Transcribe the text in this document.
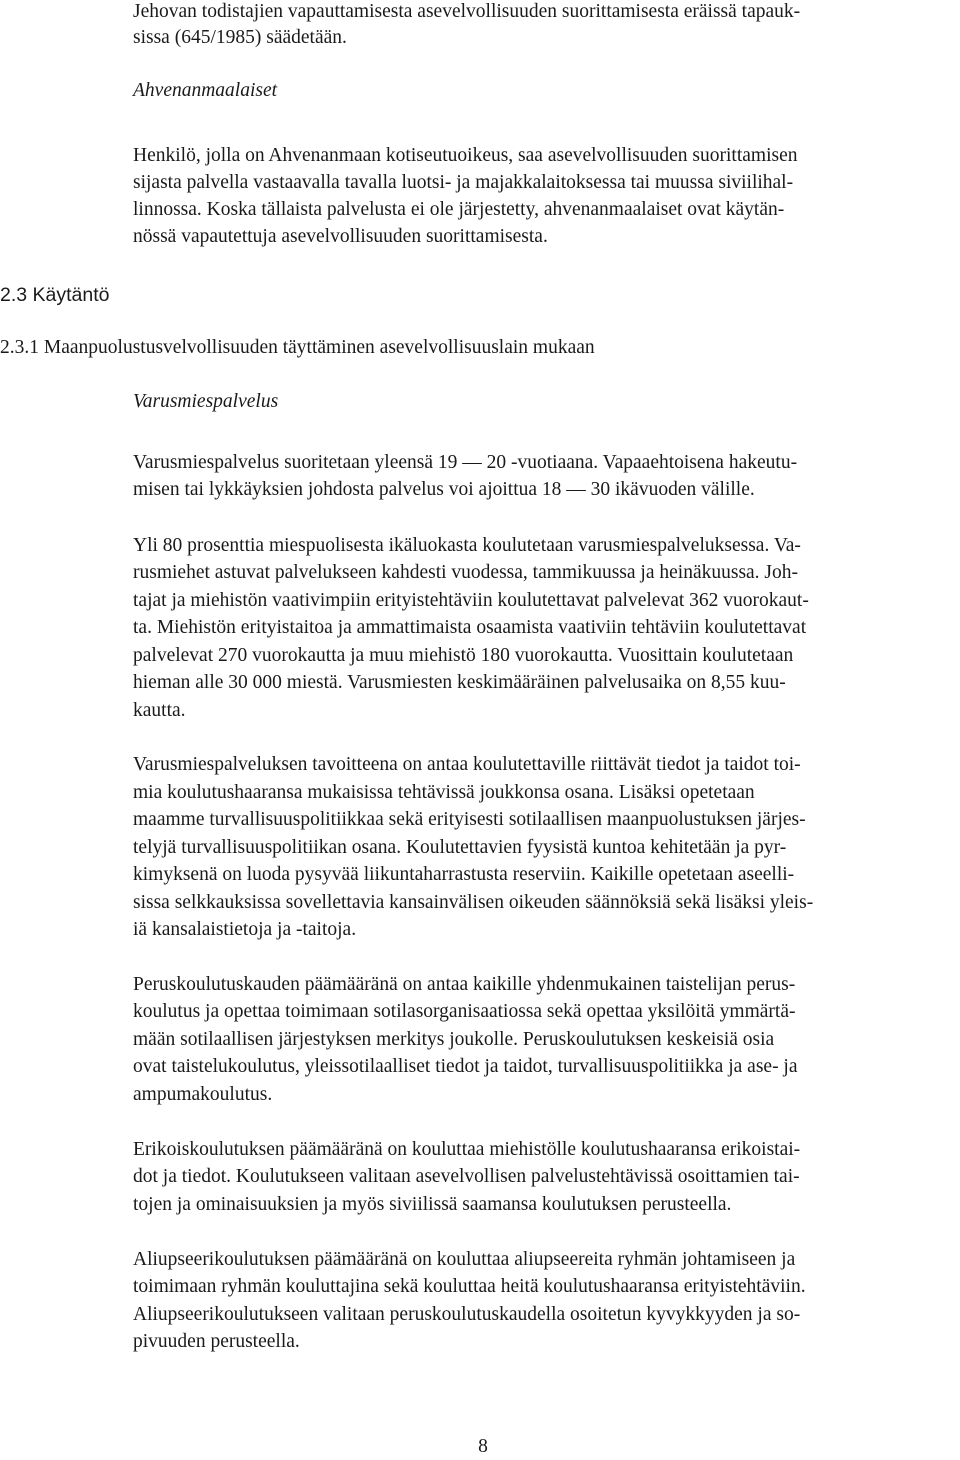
Jehovan todistajien vapauttamisesta asevelvollisuuden suorittamisesta eräissä tapauk-
sissa (645/1985) säädetään.
Ahvenanmaalaiset
Henkilö, jolla on Ahvenanmaan kotiseutuoikeus, saa asevelvollisuuden suorittamisen
sijasta palvella vastaavalla tavalla luotsi- ja majakkalaitoksessa tai muussa siviilihal-
linnossa. Koska tällaista palvelusta ei ole järjestetty, ahvenanmaalaiset ovat käytän-
nössä vapautettuja asevelvollisuuden suorittamisesta.
2.3 Käytäntö
2.3.1 Maanpuolustusvelvollisuuden täyttäminen asevelvollisuuslain mukaan
Varusmiespalvelus
Varusmiespalvelus suoritetaan yleensä 19 — 20 -vuotiaana. Vapaaehtoisena hakeutu-
misen tai lykkäyksien johdosta palvelus voi ajoittua 18 — 30 ikävuoden välille.
Yli 80 prosenttia miespuolisesta ikäluokasta koulutetaan varusmiespalveluksessa. Va-
rusmiehet astuvat palvelukseen kahdesti vuodessa, tammikuussa ja heinäkuussa. Joh-
tajat ja miehistön vaativimpiin erityistehtäviin koulutettavat palvelevat 362 vuorokaut-
ta. Miehistön erityistaitoa ja ammattimaista osaamista vaativiin tehtäviin koulutettavat
palvelevat 270 vuorokautta ja muu miehistö 180 vuorokautta. Vuosittain koulutetaan
hieman alle 30 000 miestä. Varusmiesten keskimääräinen palvelusaika on 8,55 kuu-
kautta.
Varusmiespalveluksen tavoitteena on antaa koulutettaville riittävät tiedot ja taidot toi-
mia koulutushaaransa mukaisissa tehtävissä joukkonsa osana. Lisäksi opetetaan
maamme turvallisuuspolitiikkaa sekä erityisesti sotilaallisen maanpuolustuksen järjes-
telyjä turvallisuuspolitiikan osana. Koulutettavien fyysistä kuntoa kehitetään ja pyr-
kimyksenä on luoda pysyvää liikuntaharrastusta reserviin. Kaikille opetetaan aseelli-
sissa selkkauksissa sovellettavia kansainvälisen oikeuden säännöksiä sekä lisäksi yleis-
iä kansalaistietoja ja -taitoja.
Peruskoulutuskauden päämääränä on antaa kaikille yhdenmukainen taistelijan perus-
koulutus ja opettaa toimimaan sotilasorganisaatiossa sekä opettaa yksilöitä ymmärtä-
mään sotilaallisen järjestyksen merkitys joukolle. Peruskoulutuksen keskeisiä osia
ovat taistelukoulutus, yleissotilaalliset tiedot ja taidot, turvallisuuspolitiikka ja ase- ja
ampumakoulutus.
Erikoiskoulutuksen päämääränä on kouluttaa miehistölle koulutushaaransa erikoistai-
dot ja tiedot. Koulutukseen valitaan asevelvollisen palvelustehtävissä osoittamien tai-
tojen ja ominaisuuksien ja myös siviilissä saamansa koulutuksen perusteella.
Aliupseerikoulutuksen päämääränä on kouluttaa aliupseereita ryhmän johtamiseen ja
toimimaan ryhmän kouluttajina sekä kouluttaa heitä koulutushaaransa erityistehtäviin.
Aliupseerikoulutukseen valitaan peruskoulutuskaudella osoitetun kyvykkyyden ja so-
pivuuden perusteella.
8
